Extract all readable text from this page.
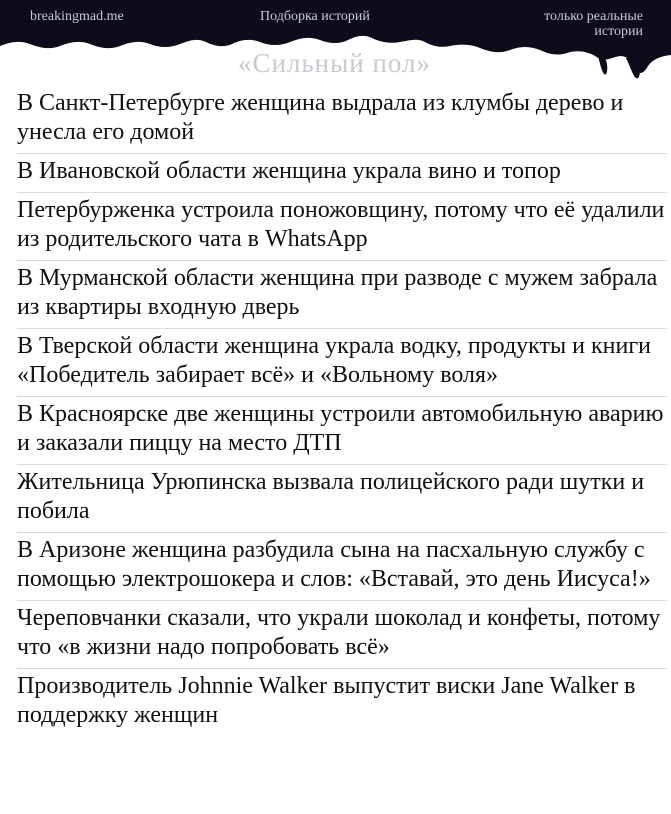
breakingmad.me	Подборка историй	только реальные
истории
«Сильный пол»
В Санкт-Петербурге женщина выдрала из клумбы дерево и унесла его домой
В Ивановской области женщина украла вино и топор
Петербурженка устроила поножовщину, потому что её удалили из родительского чата в WhatsApp
В Мурманской области женщина при разводе с мужем забрала из квартиры входную дверь
В Тверской области женщина украла водку, продукты и книги «Победитель забирает всё» и «Вольному воля»
В Красноярске две женщины устроили автомобильную аварию и заказали пиццу на место ДТП
Жительница Урюпинска вызвала полицейского ради шутки и побила
В Аризоне женщина разбудила сына на пасхальную службу с помощью электрошокера и слов: «Вставай, это день Иисуса!»
Череповчанки сказали, что украли шоколад и конфеты, потому что «в жизни надо попробовать всё»
Производитель Johnnie Walker выпустит виски Jane Walker в поддержку женщин
